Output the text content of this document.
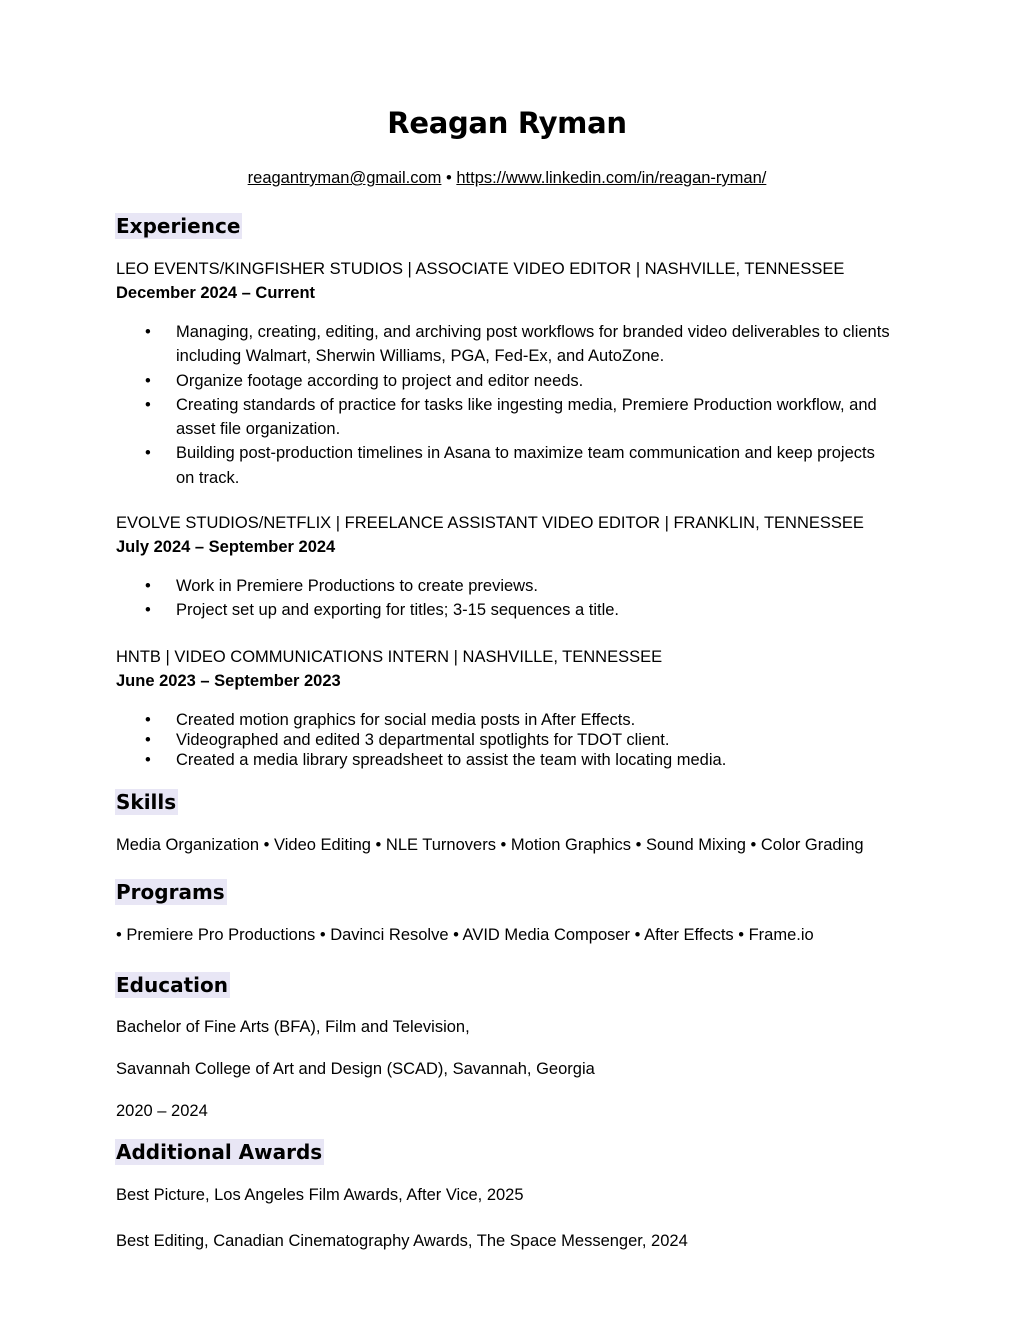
Reagan Ryman
reagantryman@gmail.com • https://www.linkedin.com/in/reagan-ryman/
Experience
LEO EVENTS/KINGFISHER STUDIOS | ASSOCIATE VIDEO EDITOR | NASHVILLE, TENNESSEE
December 2024 – Current
• Managing, creating, editing, and archiving post workflows for branded video deliverables to clients including Walmart, Sherwin Williams, PGA, Fed-Ex, and AutoZone.
• Organize footage according to project and editor needs.
• Creating standards of practice for tasks like ingesting media, Premiere Production workflow, and asset file organization.
• Building post-production timelines in Asana to maximize team communication and keep projects on track.
EVOLVE STUDIOS/NETFLIX | FREELANCE ASSISTANT VIDEO EDITOR | FRANKLIN, TENNESSEE
July 2024 – September 2024
• Work in Premiere Productions to create previews.
• Project set up and exporting for titles; 3-15 sequences a title.
HNTB | VIDEO COMMUNICATIONS INTERN | NASHVILLE, TENNESSEE
June 2023 – September 2023
• Created motion graphics for social media posts in After Effects.
• Videographed and edited 3 departmental spotlights for TDOT client.
• Created a media library spreadsheet to assist the team with locating media.
Skills
Media Organization • Video Editing • NLE Turnovers • Motion Graphics • Sound Mixing • Color Grading
Programs
• Premiere Pro Productions • Davinci Resolve • AVID Media Composer • After Effects • Frame.io
Education
Bachelor of Fine Arts (BFA), Film and Television,
Savannah College of Art and Design (SCAD), Savannah, Georgia
2020 – 2024
Additional Awards
Best Picture, Los Angeles Film Awards, After Vice, 2025
Best Editing, Canadian Cinematography Awards, The Space Messenger, 2024
